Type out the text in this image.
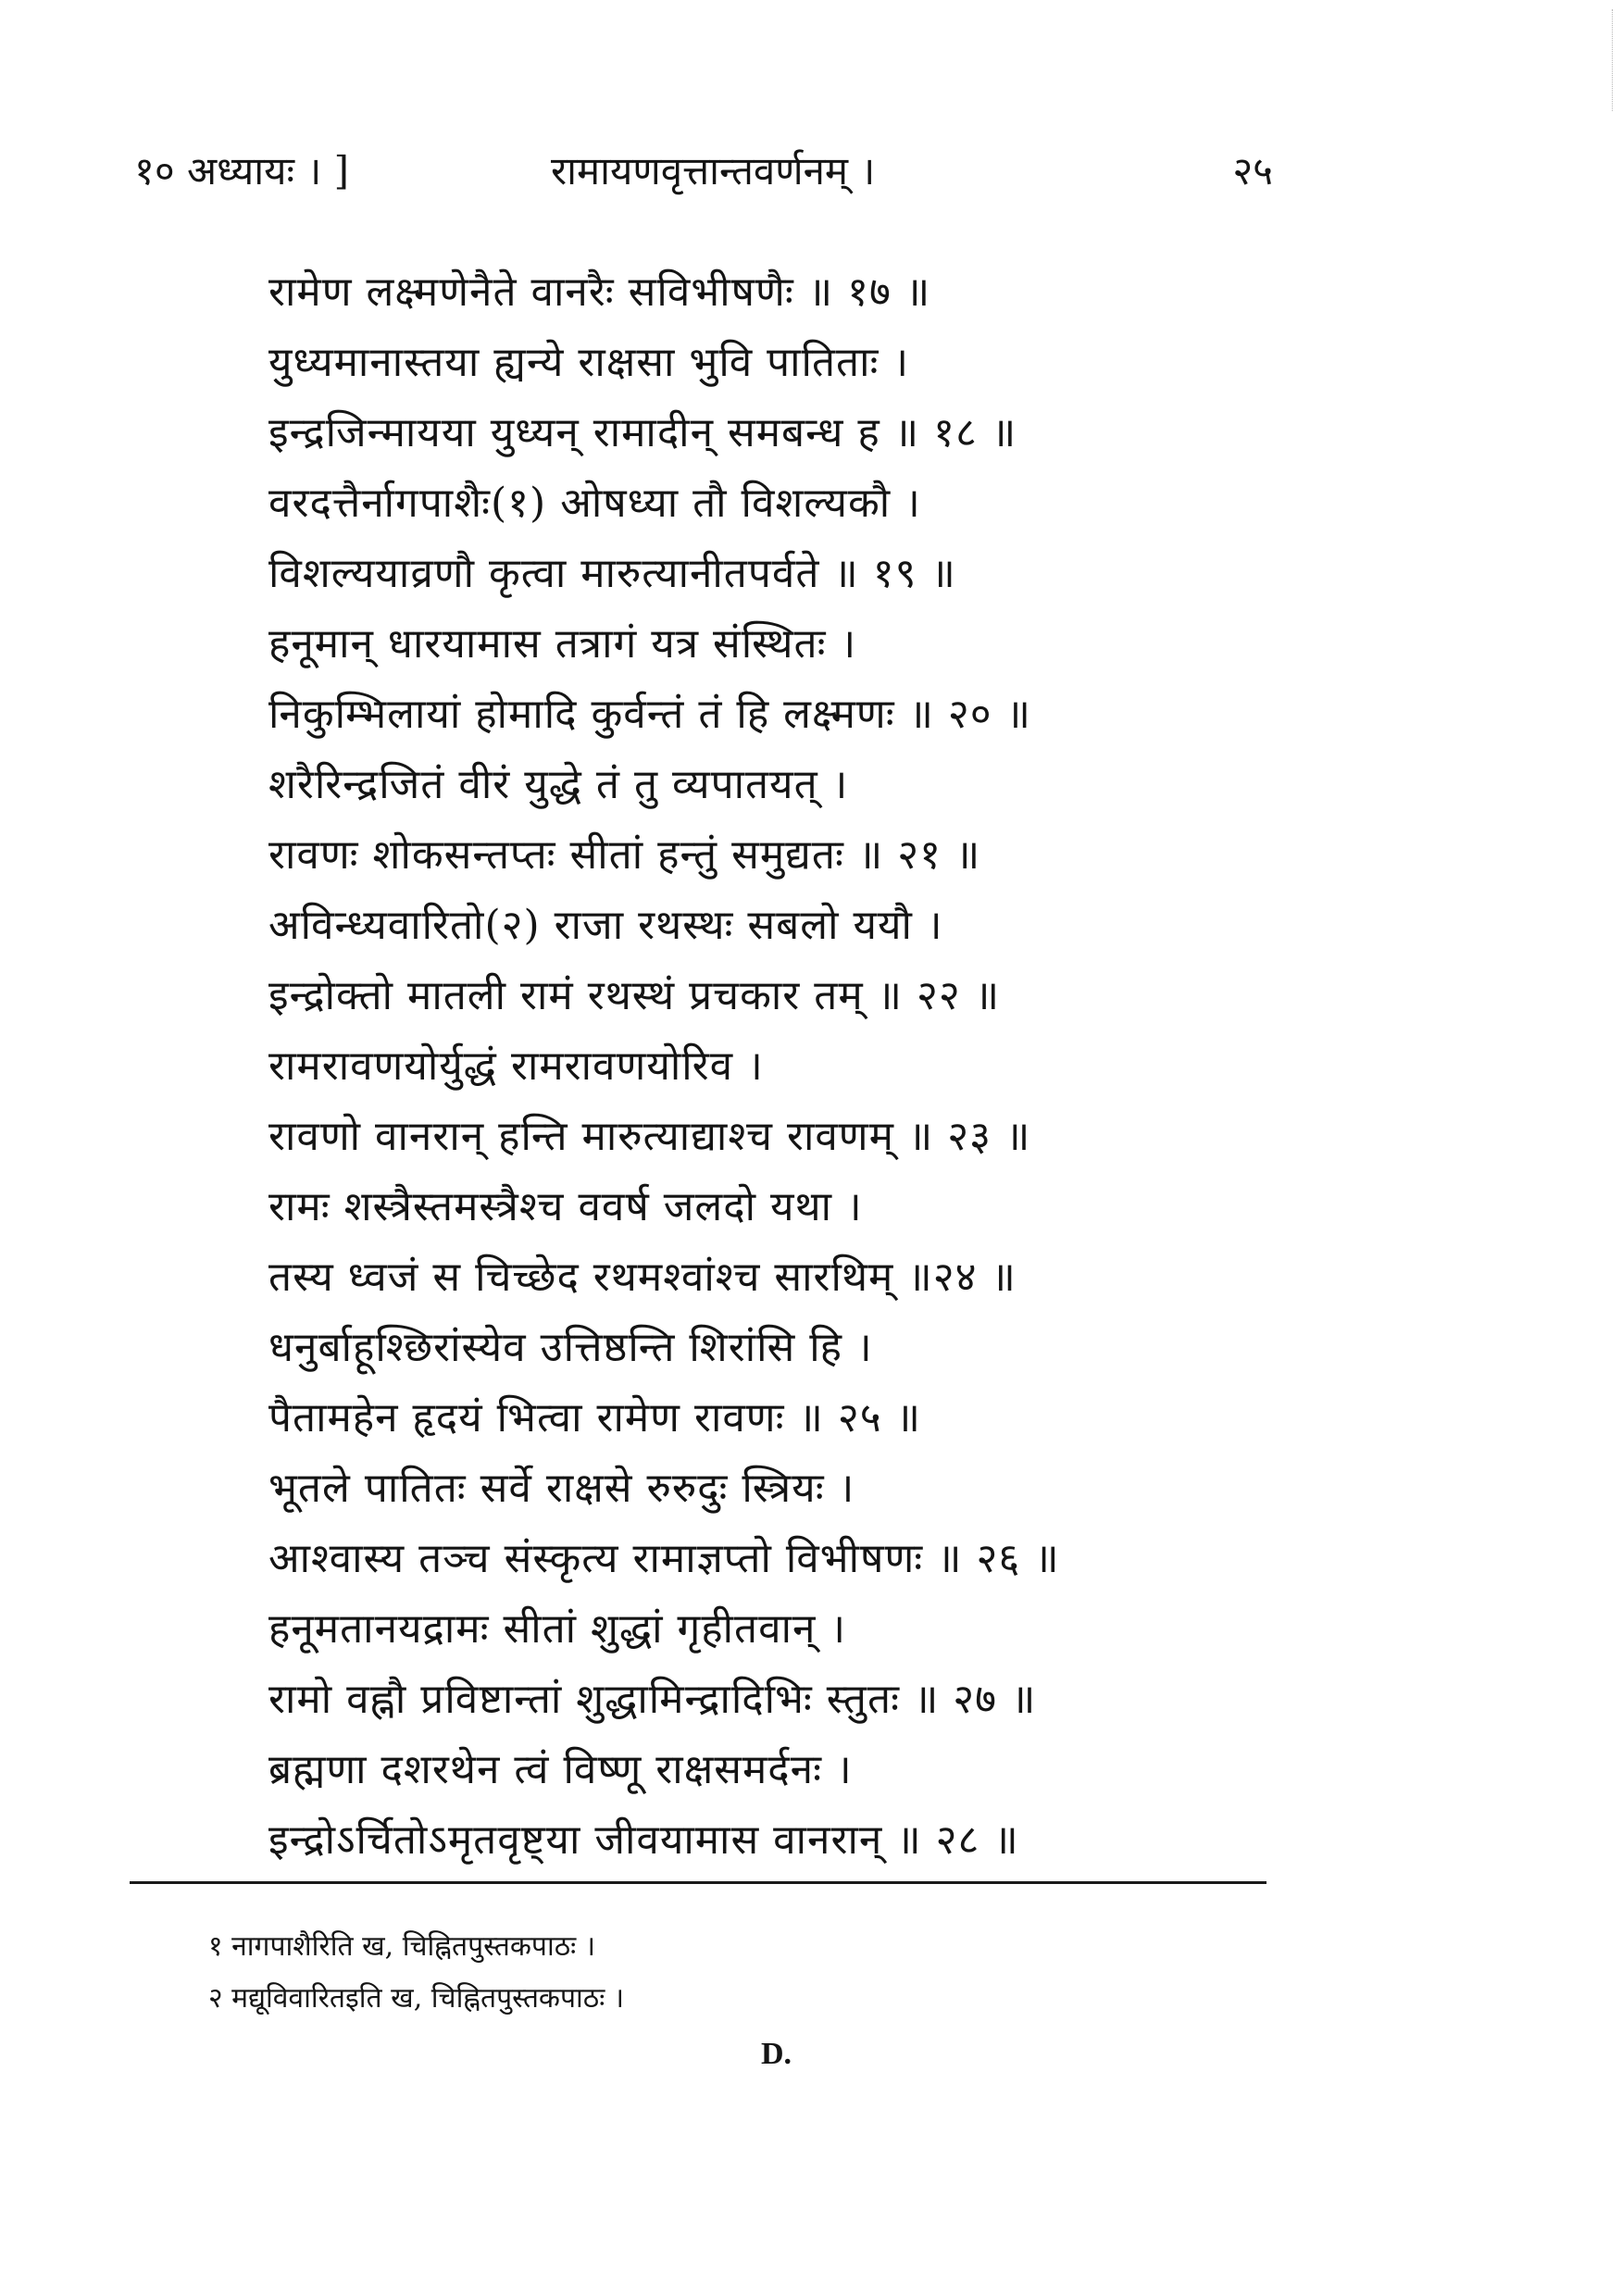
१० अध्यायः । ]	रामायणवृत्तान्तवर्णनम् ।	२५
रामेण लक्ष्मणेनैते वानरैः सविभीषणैः ॥ १७ ॥
युध्यमानास्तया ह्यन्ये राक्षसा भुवि पातिताः ।
इन्द्रजिन्मायया युध्यन् रामादीन् समबन्ध ह ॥ १८ ॥
वरदत्तैर्नागपाशैः(१) ओषध्या तौ विशल्यकौ ।
विशल्ययाव्रणौ कृत्वा मारुत्यानीतपर्वते ॥ १९ ॥
हनूमान् धारयामास तत्रागं यत्र संस्थितः ।
निकुम्भिलायां होमादि कुर्वन्तं तं हि लक्ष्मणः ॥ २० ॥
शरैरिन्द्रजितं वीरं युद्धे तं तु व्यपातयत् ।
रावणः शोकसन्तप्तः सीतां हन्तुं समुद्यतः ॥ २१ ॥
अविन्ध्यवारितो(२) राजा रथस्थः सबलो ययौ ।
इन्द्रोक्तो मातली रामं रथस्थं प्रचकार तम् ॥ २२ ॥
रामरावणयोर्युद्धं रामरावणयोरिव ।
रावणो वानरान् हन्ति मारुत्याद्याश्च रावणम् ॥ २३ ॥
रामः शस्त्रैस्तमस्त्रैश्च ववर्ष जलदो यथा ।
तस्य ध्वजं स चिच्छेद रथमश्वांश्च सारथिम् ॥२४ ॥
धनुर्बाहूश्छिरांस्येव उत्तिष्ठन्ति शिरांसि हि ।
पैतामहेन हृदयं भित्वा रामेण रावणः ॥ २५ ॥
भूतले पातितः सर्वे राक्षसे रुरुदुः स्त्रियः ।
आश्वास्य तञ्च संस्कृत्य रामाज्ञप्तो विभीषणः ॥ २६ ॥
हनूमतानयद्रामः सीतां शुद्धां गृहीतवान् ।
रामो वह्नौ प्रविष्टान्तां शुद्धामिन्द्रादिभिः स्तुतः ॥ २७ ॥
ब्रह्मणा दशरथेन त्वं विष्णू राक्षसमर्दनः ।
इन्द्रोऽर्चितोऽमृतवृष्ट्या जीवयामास वानरान् ॥ २८ ॥
१ नागपाशैरिति ख, चिह्नितपुस्तकपाठः ।
२ मद्यूविवारितइति ख, चिह्नितपुस्तकपाठः ।
D.
